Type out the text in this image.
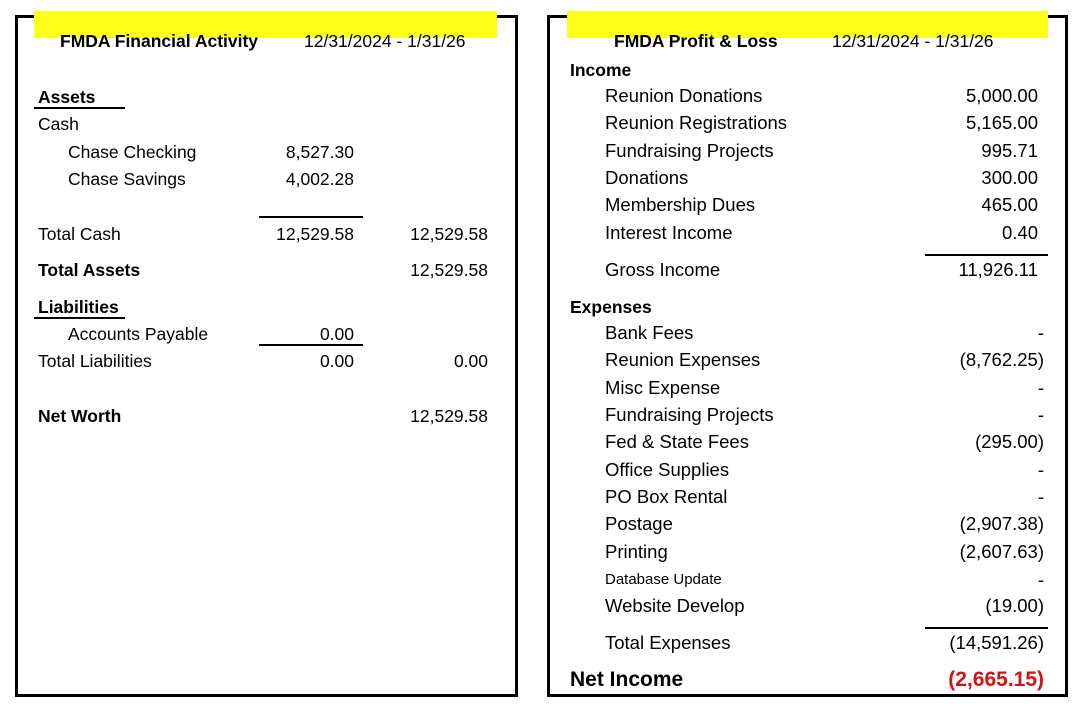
FMDA Financial Activity	12/31/2024 - 1/31/26
Assets
Cash
Chase Checking	8,527.30
Chase Savings	4,002.28
Total Cash	12,529.58	12,529.58
Total Assets	12,529.58
Liabilities
Accounts Payable	0.00
Total Liabilities	0.00	0.00
Net Worth	12,529.58
FMDA Profit & Loss	12/31/2024 - 1/31/26
Income
Reunion Donations	5,000.00
Reunion Registrations	5,165.00
Fundraising Projects	995.71
Donations	300.00
Membership Dues	465.00
Interest Income	0.40
Gross Income	11,926.11
Expenses
Bank Fees	-
Reunion Expenses	(8,762.25)
Misc Expense	-
Fundraising Projects	-
Fed & State Fees	(295.00)
Office Supplies	-
PO Box Rental	-
Postage	(2,907.38)
Printing	(2,607.63)
Database Update	-
Website Develop	(19.00)
Total Expenses	(14,591.26)
Net Income	(2,665.15)
